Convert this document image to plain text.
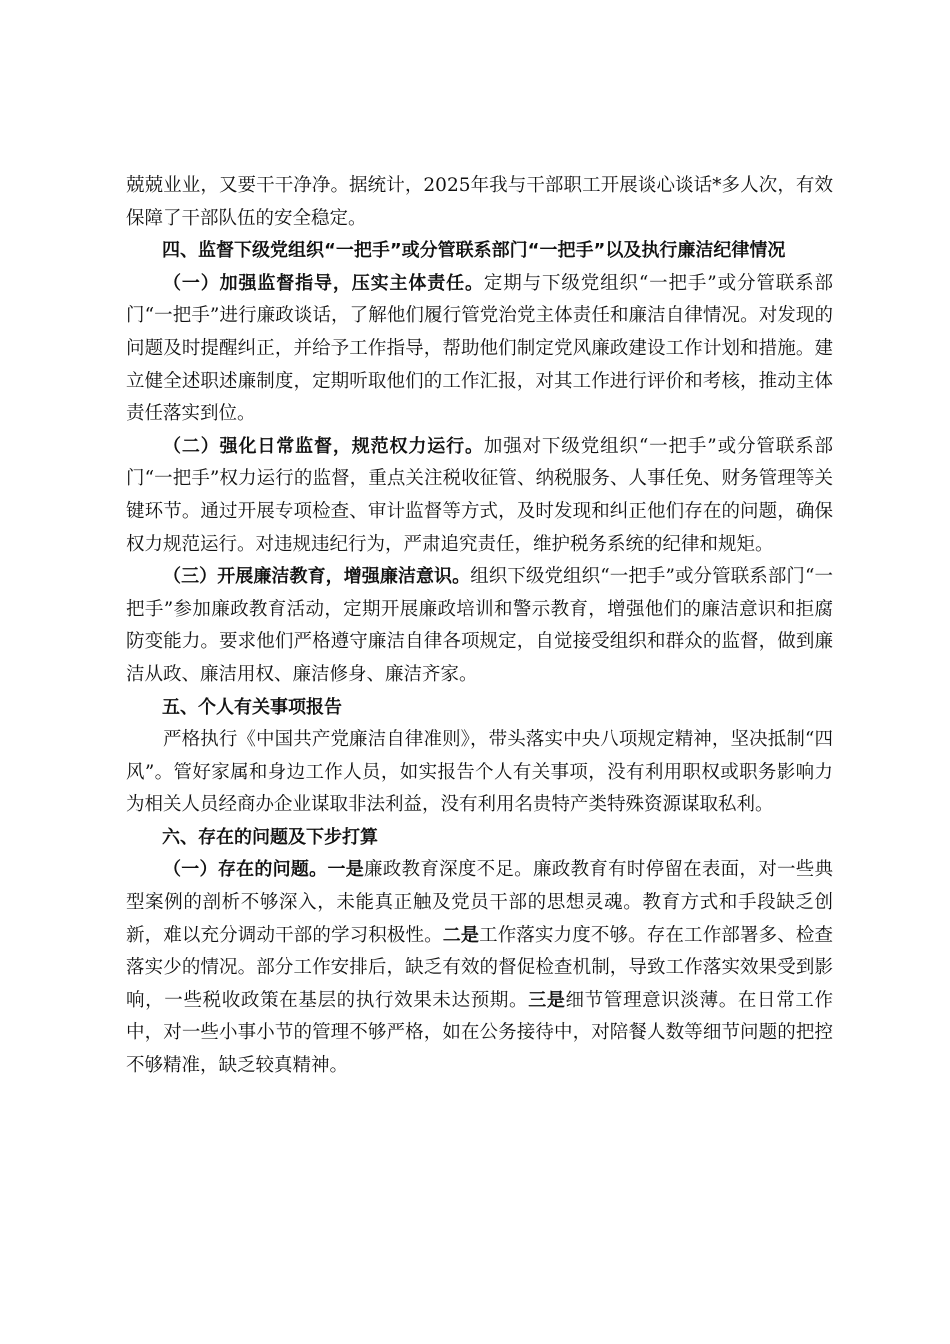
兢兢业业，又要干干净净。据统计，2025年我与干部职工开展谈心谈话*多人次，有效保障了干部队伍的安全稳定。

四、监督下级党组织“一把手”或分管联系部门“一把手”以及执行廉洁纪律情况

（一）加强监督指导，压实主体责任。定期与下级党组织“一把手”或分管联系部门“一把手”进行廉政谈话，了解他们履行管党治党主体责任和廉洁自律情况。对发现的问题及时提醒纠正，并给予工作指导，帮助他们制定党风廉政建设工作计划和措施。建立健全述职述廉制度，定期听取他们的工作汇报，对其工作进行评价和考核，推动主体责任落实到位。

（二）强化日常监督，规范权力运行。加强对下级党组织“一把手”或分管联系部门“一把手”权力运行的监督，重点关注税收征管、纳税服务、人事任免、财务管理等关键环节。通过开展专项检查、审计监督等方式，及时发现和纠正他们存在的问题，确保权力规范运行。对违规违纪行为，严肃追究责任，维护税务系统的纪律和规矩。

（三）开展廉洁教育，增强廉洁意识。组织下级党组织“一把手”或分管联系部门“一把手”参加廉政教育活动，定期开展廉政培训和警示教育，增强他们的廉洁意识和拒腐防变能力。要求他们严格遵守廉洁自律各项规定，自觉接受组织和群众的监督，做到廉洁从政、廉洁用权、廉洁修身、廉洁齐家。

五、个人有关事项报告

严格执行《中国共产党廉洁自律准则》，带头落实中央八项规定精神，坚决抵制“四风”。管好家属和身边工作人员，如实报告个人有关事项，没有利用职权或职务影响力为相关人员经商办企业谋取非法利益，没有利用名贵特产类特殊资源谋取私利。

六、存在的问题及下步打算

（一）存在的问题。一是廉政教育深度不足。廉政教育有时停留在表面，对一些典型案例的剖析不够深入，未能真正触及党员干部的思想灵魂。教育方式和手段缺乏创新，难以充分调动干部的学习积极性。二是工作落实力度不够。存在工作部署多、检查落实少的情况。部分工作安排后，缺乏有效的督促检查机制，导致工作落实效果受到影响，一些税收政策在基层的执行效果未达预期。三是细节管理意识淡薄。在日常工作中，对一些小事小节的管理不够严格，如在公务接待中，对陪餐人数等细节问题的把控不够精准，缺乏较真精神。
